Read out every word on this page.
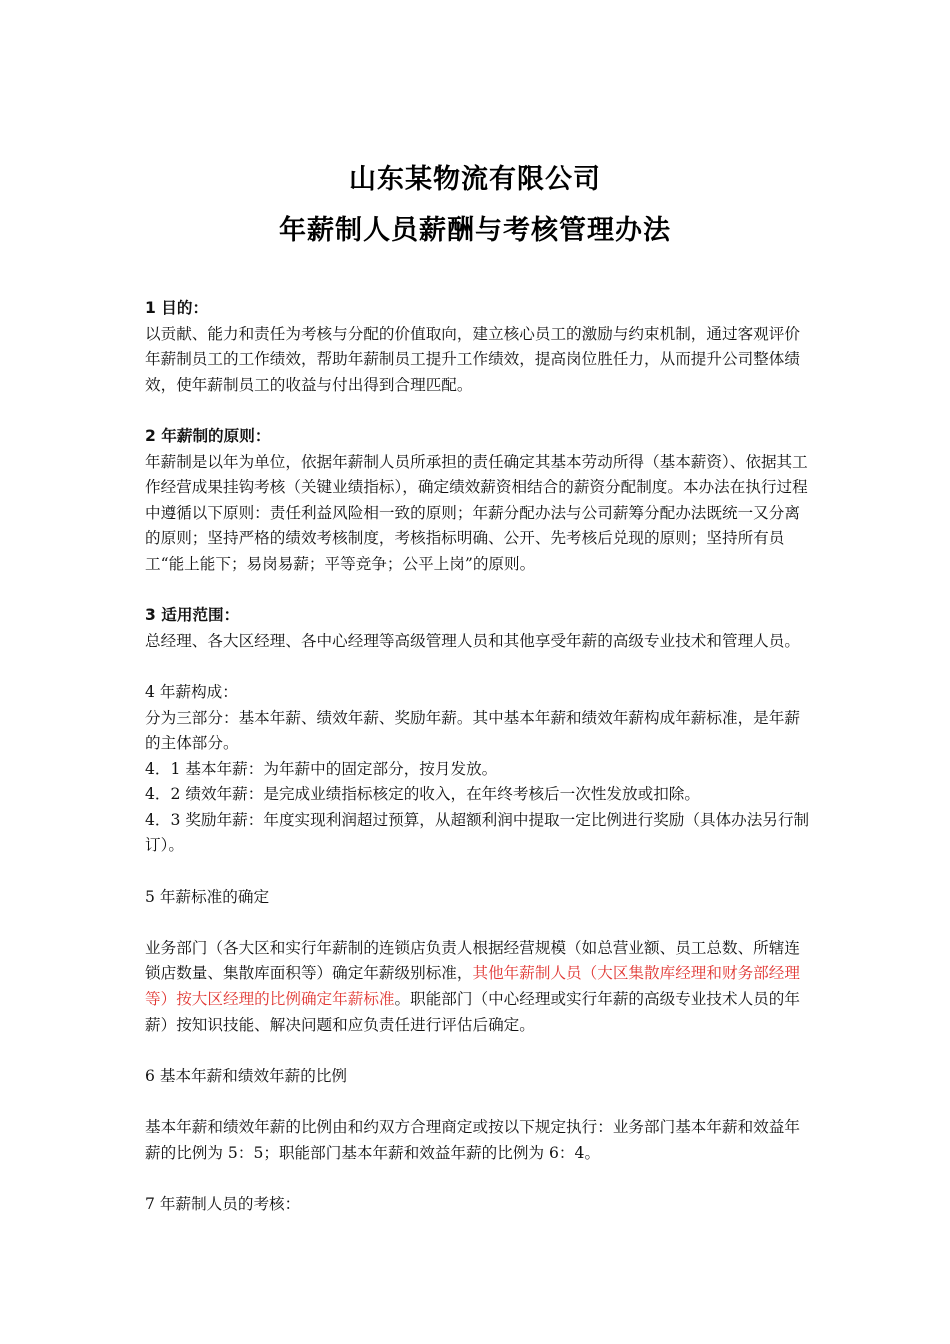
山东某物流有限公司
年薪制人员薪酬与考核管理办法

1 目的：

以贡献、能力和责任为考核与分配的价值取向，建立核心员工的激励与约束机制，通过客观评价年薪制员工的工作绩效，帮助年薪制员工提升工作绩效，提高岗位胜任力，从而提升公司整体绩效，使年薪制员工的收益与付出得到合理匹配。

2 年薪制的原则：

年薪制是以年为单位，依据年薪制人员所承担的责任确定其基本劳动所得（基本薪资）、依据其工作经营成果挂钩考核（关键业绩指标），确定绩效薪资相结合的薪资分配制度。本办法在执行过程中遵循以下原则：责任利益风险相一致的原则；年薪分配办法与公司薪筹分配办法既统一又分离的原则；坚持严格的绩效考核制度，考核指标明确、公开、先考核后兑现的原则；坚持所有员工“能上能下；易岗易薪；平等竞争；公平上岗”的原则。

3 适用范围：

总经理、各大区经理、各中心经理等高级管理人员和其他享受年薪的高级专业技术和管理人员。

4 年薪构成：

分为三部分：基本年薪、绩效年薪、奖励年薪。其中基本年薪和绩效年薪构成年薪标准，是年薪的主体部分。

4．1 基本年薪：为年薪中的固定部分，按月发放。

4．2 绩效年薪：是完成业绩指标核定的收入，在年终考核后一次性发放或扣除。

4．3 奖励年薪：年度实现利润超过预算，从超额利润中提取一定比例进行奖励（具体办法另行制订）。

5 年薪标准的确定

业务部门（各大区和实行年薪制的连锁店负责人根据经营规模（如总营业额、员工总数、所辖连锁店数量、集散库面积等）确定年薪级别标准，其他年薪制人员（大区集散库经理和财务部经理等）按大区经理的比例确定年薪标准。职能部门（中心经理或实行年薪的高级专业技术人员的年薪）按知识技能、解决问题和应负责任进行评估后确定。

6 基本年薪和绩效年薪的比例

基本年薪和绩效年薪的比例由和约双方合理商定或按以下规定执行：业务部门基本年薪和效益年薪的比例为 5：5；职能部门基本年薪和效益年薪的比例为 6：4。

7 年薪制人员的考核：
